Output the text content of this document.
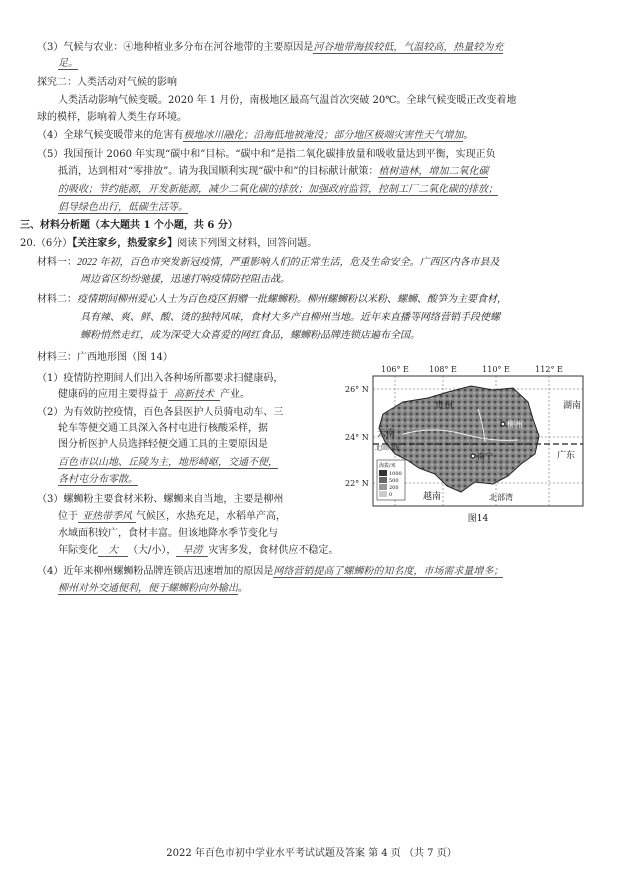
（3）气候与农业：④地种植业多分布在河谷地带的主要原因是河谷地带海拔较低，气温较高，热量较为充
足。
探究二：人类活动对气候的影响
人类活动影响气候变暖。2020 年 1 月份，南极地区最高气温首次突破 20℃。全球气候变暖正改变着地
球的模样，影响着人类生存环境。
（4）全球气候变暖带来的危害有极地冰川融化；沿海低地被淹没；部分地区极端灾害性天气增加。
（5）我国预计 2060 年实现“碳中和”目标。“碳中和”是指二氧化碳排放量和吸收量达到平衡，实现正负
抵消，达到相对“零排放”。请为我国顺利实现“碳中和”的目标献计献策：植树造林，增加二氧化碳
的吸收；节约能源，开发新能源，减少二氧化碳的排放；加强政府监管，控制工厂二氧化碳的排放；
倡导绿色出行，低碳生活等。
三、材料分析题（本大题共 1 个小题，共 6 分）
20.（6分）【关注家乡，热爱家乡】阅读下列图文材料，回答问题。
材料一：2022 年初，百色市突发新冠疫情，严重影响人们的正常生活，危及生命安全。广西区内各市县及
周边省区纷纷驰援，迅速打响疫情防控阻击战。
材料二：疫情期间柳州爱心人士为百色疫区捐赠一批螺蛳粉。柳州螺蛳粉以米粉、螺蛳、酸笋为主要食材，
具有辣、爽、鲜、酸、烫的独特风味，食材大多产自柳州当地。近年来直播等网络营销手段使螺
蛳粉悄然走红，成为深受大众喜爱的网红食品，螺蛳粉品牌连锁店遍布全国。
材料三：广西地形图（图 14）
（1）疫情防控期间人们出入各种场所都要求扫健康码，
健康码的应用主要得益于 高新技术 产业。
（2）为有效防控疫情，百色各县医护人员骑电动车、三
轮车等便交通工具深入各村屯进行核酸采样，据
图分析医护人员选择轻便交通工具的主要原因是
百色市以山地、丘陵为主，地形崎岖，交通不便，
各村屯分布零散。
（3）螺蛳粉主要食材米粉、螺蛳来自当地，主要是柳州
位于 亚热带季风 气候区，水热充足，水稻单产高，
水域面积较广，食材丰富。但该地降水季节变化与
年际变化 大 （大/小）， 旱涝 灾害多发，食材供应不稳定。
（4）近年来柳州螺蛳粉品牌连锁店迅速增加的原因是网络营销提高了螺蛳粉的知名度，市场需求量增多；
柳州对外交通便利，便于螺蛳粉向外输出。
106° E	108° E	110° E	112° E
26° N
24° N
22° N
贵州	湖南
云南
广东
越南
柳州
南宁
北部湾
北回归线
海拔/米
1000
500
200
0
图14
2022 年百色市初中学业水平考试试题及答案 第 4 页 （共 7 页）
